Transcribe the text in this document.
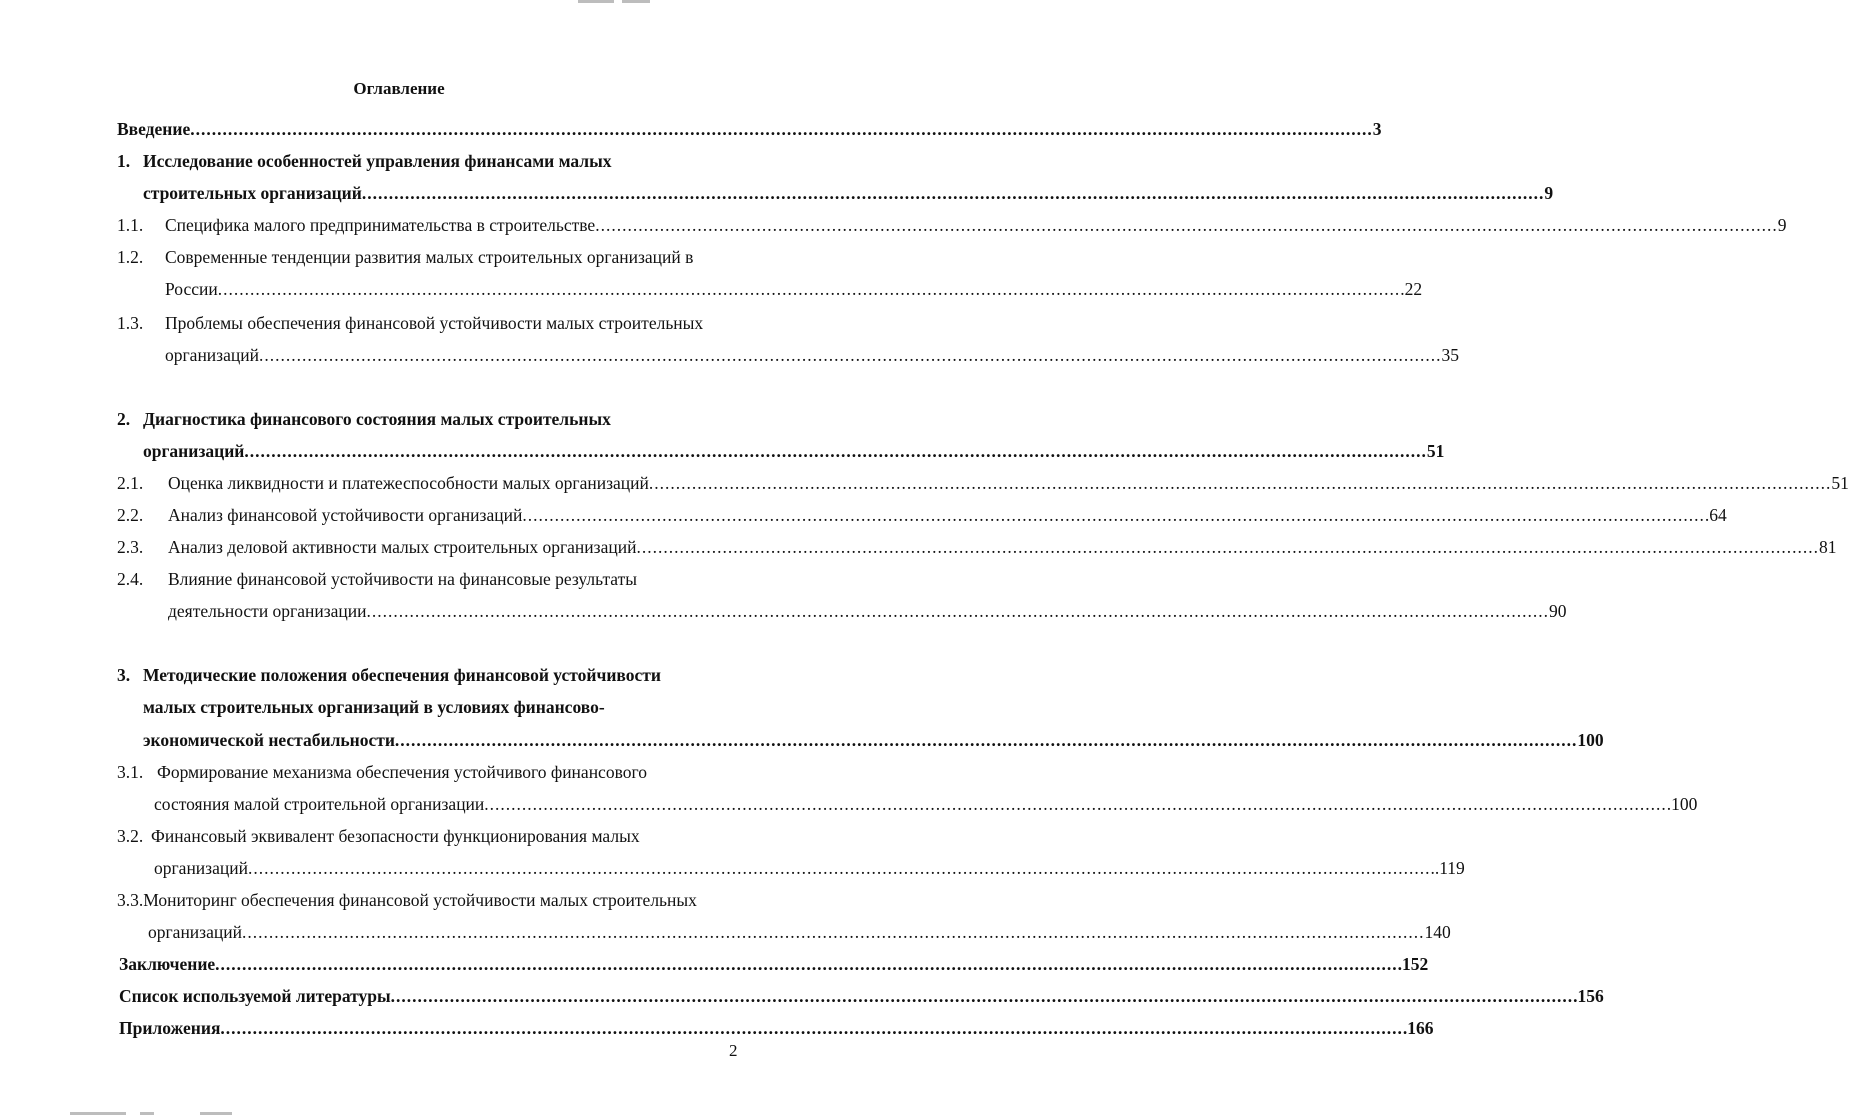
Оглавление
Введение ............................................................................................................................................................................................................................ 3
1. Исследование особенностей управления финансами малых
строительных организаций ............................................................................................................................................................................................................................ 9
1.1. Специфика малого предпринимательства в строительстве ............................................................................................................................................................................................................................ 9
1.2. Современные тенденции развития малых строительных организаций в
России ............................................................................................................................................................................................................................ .22
1.3. Проблемы обеспечения финансовой устойчивости малых строительных
организаций ............................................................................................................................................................................................................................ 35
2. Диагностика финансового состояния малых строительных
организаций ............................................................................................................................................................................................................................ 51
2.1. Оценка ликвидности и платежеспособности малых организаций ............................................................................................................................................................................................................................ 51
2.2. Анализ финансовой устойчивости организаций ............................................................................................................................................................................................................................ .64
2.3. Анализ деловой активности малых строительных организаций ............................................................................................................................................................................................................................ 81
2.4. Влияние финансовой устойчивости на финансовые результаты
деятельности организации ............................................................................................................................................................................................................................ 90
3. Методические положения обеспечения финансовой устойчивости
малых строительных организаций в условиях финансово-
экономической нестабильности ............................................................................................................................................................................................................................ 100
3.1. Формирование механизма обеспечения устойчивого финансового
состояния малой строительной организации ............................................................................................................................................................................................................................ .100
3.2. Финансовый эквивалент безопасности функционирования малых
организаций ............................................................................................................................................................................................................................ ..119
3.3.Мониторинг обеспечения финансовой устойчивости малых строительных
организаций ............................................................................................................................................................................................................................ 140
Заключение ............................................................................................................................................................................................................................ .152
Список используемой литературы ............................................................................................................................................................................................................................ .156
Приложения ............................................................................................................................................................................................................................ .166
2
